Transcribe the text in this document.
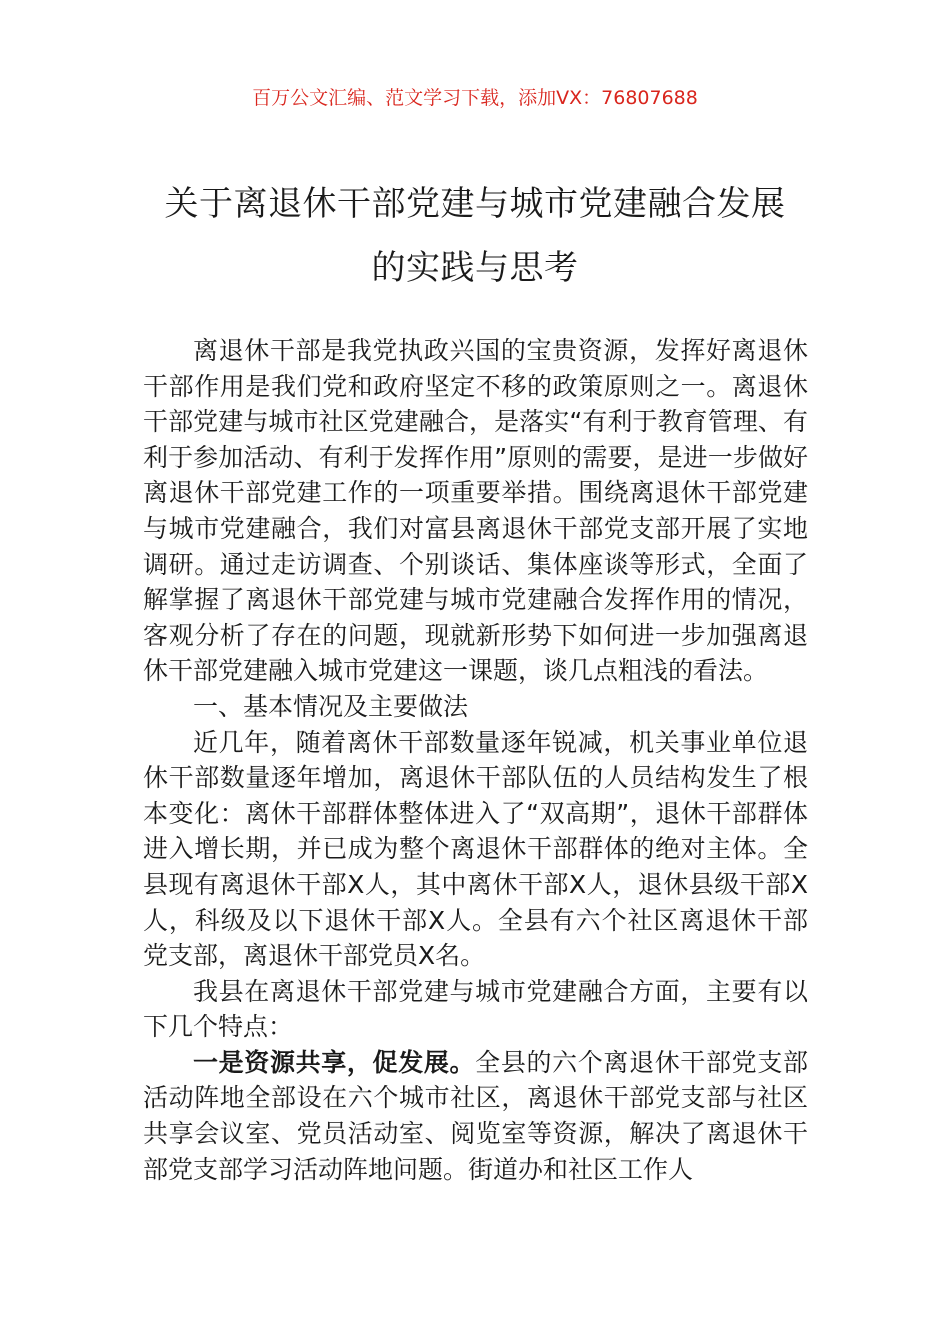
百万公文汇编、范文学习下载，添加VX：76807688
关于离退休干部党建与城市党建融合发展
的实践与思考

离退休干部是我党执政兴国的宝贵资源，发挥好离退休干部作用是我们党和政府坚定不移的政策原则之一。离退休干部党建与城市社区党建融合，是落实“有利于教育管理、有利于参加活动、有利于发挥作用”原则的需要，是进一步做好离退休干部党建工作的一项重要举措。围绕离退休干部党建与城市党建融合，我们对富县离退休干部党支部开展了实地调研。通过走访调查、个别谈话、集体座谈等形式，全面了解掌握了离退休干部党建与城市党建融合发挥作用的情况，客观分析了存在的问题，现就新形势下如何进一步加强离退休干部党建融入城市党建这一课题，谈几点粗浅的看法。

一、基本情况及主要做法

近几年，随着离休干部数量逐年锐减，机关事业单位退休干部数量逐年增加，离退休干部队伍的人员结构发生了根本变化：离休干部群体整体进入了“双高期”，退休干部群体进入增长期，并已成为整个离退休干部群体的绝对主体。全县现有离退休干部X人，其中离休干部X人，退休县级干部X人，科级及以下退休干部X人。全县有六个社区离退休干部党支部，离退休干部党员X名。

我县在离退休干部党建与城市党建融合方面，主要有以下几个特点：

一是资源共享，促发展。全县的六个离退休干部党支部活动阵地全部设在六个城市社区，离退休干部党支部与社区共享会议室、党员活动室、阅览室等资源，解决了离退休干部党支部学习活动阵地问题。街道办和社区工作人
